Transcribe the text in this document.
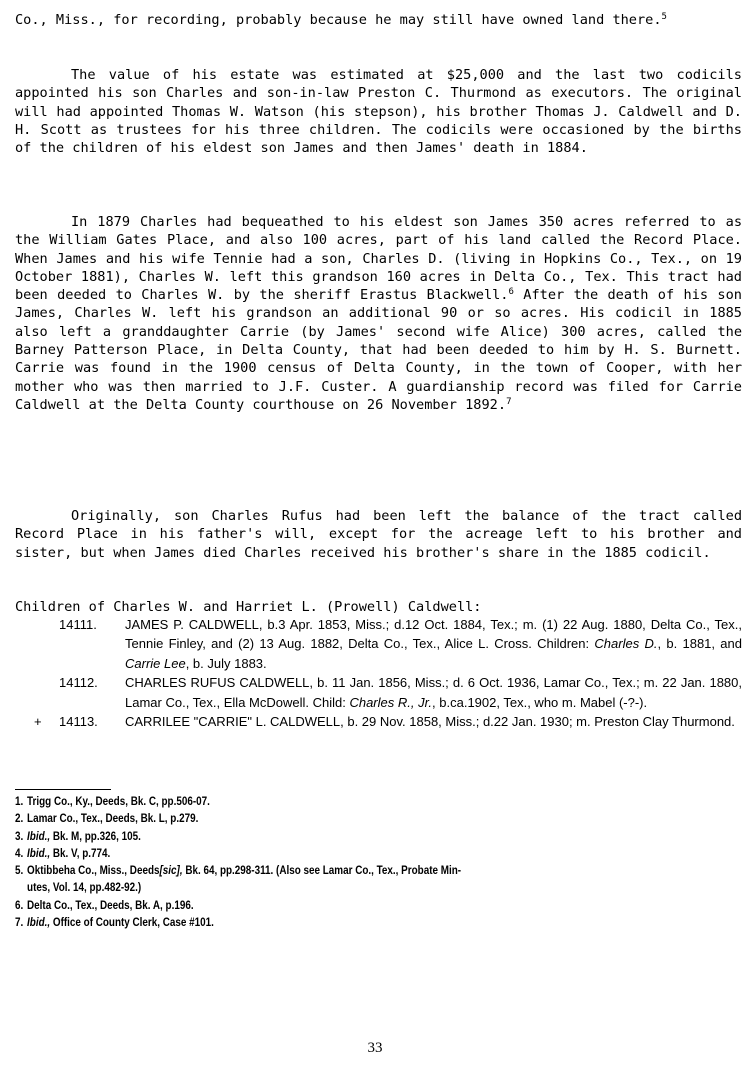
Co., Miss., for recording, probably because he may still have owned land there.$^5$

The value of his estate was estimated at $25,000 and the last two codicils appointed his son Charles and son-in-law Preston C. Thurmond as executors. The original will had appointed Thomas W. Watson (his stepson), his brother Thomas J. Caldwell and D. H. Scott as trustees for his three children. The codicils were occasioned by the births of the children of his eldest son James and then James' death in 1884.

In 1879 Charles had bequeathed to his eldest son James 350 acres referred to as the William Gates Place, and also 100 acres, part of his land called the Record Place. When James and his wife Tennie had a son, Charles D. (living in Hopkins Co., Tex., on 19 October 1881), Charles W. left this grandson 160 acres in Delta Co., Tex. This tract had been deeded to Charles W. by the sheriff Erastus Blackwell.$^6$ After the death of his son James, Charles W. left his grandson an additional 90 or so acres. His codicil in 1885 also left a granddaughter Carrie (by James' second wife Alice) 300 acres, called the Barney Patterson Place, in Delta County, that had been deeded to him by H. S. Burnett. Carrie was found in the 1900 census of Delta County, in the town of Cooper, with her mother who was then married to J.F. Custer. A guardianship record was filed for Carrie Caldwell at the Delta County courthouse on 26 November 1892.$^7$

Originally, son Charles Rufus had been left the balance of the tract called Record Place in his father's will, except for the acreage left to his brother and sister, but when James died Charles received his brother's share in the 1885 codicil.

Children of Charles W. and Harriet L. (Prowell) Caldwell:

14111. JAMES P. CALDWELL, b.3 Apr. 1853, Miss.; d.12 Oct. 1884, Tex.; m. (1) 22 Aug. 1880, Delta Co., Tex., Tennie Finley, and (2) 13 Aug. 1882, Delta Co., Tex., Alice L. Cross. Children: Charles D., b. 1881, and Carrie Lee, b. July 1883.
14112. CHARLES RUFUS CALDWELL, b. 11 Jan. 1856, Miss.; d. 6 Oct. 1936, Lamar Co., Tex.; m. 22 Jan. 1880, Lamar Co., Tex., Ella McDowell. Child: Charles R., Jr., b.ca.1902, Tex., who m. Mabel (-?-).
+ 14113. CARRILEE "CARRIE" L. CALDWELL, b. 29 Nov. 1858, Miss.; d.22 Jan. 1930; m. Preston Clay Thurmond.
1. Trigg Co., Ky., Deeds, Bk. C, pp.506-07.
2. Lamar Co., Tex., Deeds, Bk. L, p.279.
3. Ibid., Bk. M, pp.326, 105.
4. Ibid., Bk. V, p.774.
5. Oktibbeha Co., Miss., Deeds[sic], Bk. 64, pp.298-311. (Also see Lamar Co., Tex., Probate Min-
utes, Vol. 14, pp.482-92.)
6. Delta Co., Tex., Deeds, Bk. A, p.196.
7. Ibid., Office of County Clerk, Case #101.
33
